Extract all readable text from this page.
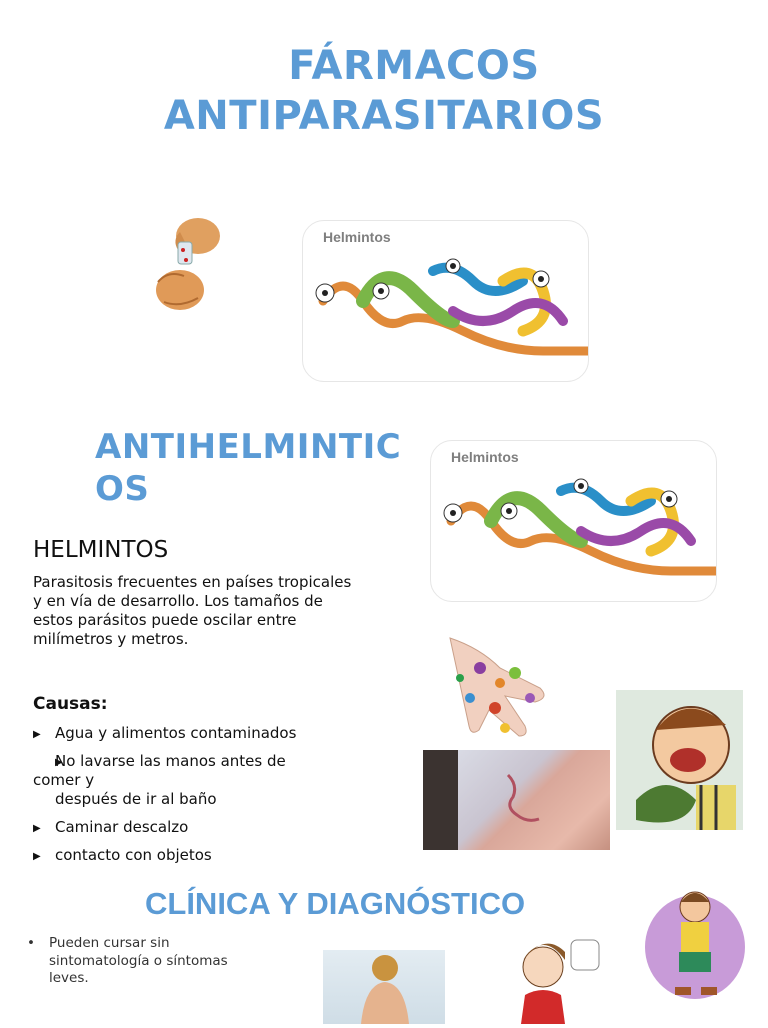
FÁRMACOS
ANTIPARASITARIOS
Helmintos
ANTIHELMINTIC
OS
Helmintos
HELMINTOS
Parasitosis frecuentes en países tropicales
y en vía de desarrollo. Los tamaños de
estos parásitos puede oscilar entre
milímetros y metros.
Causas:
▶ Agua y alimentos contaminados
▶ No lavarse las manos antes de

comer y
después de ir al baño
▶ Caminar descalzo
▶ contacto con objetos
CLÍNICA Y DIAGNÓSTICO
• Pueden cursar sin
sintomatología o síntomas
leves.
